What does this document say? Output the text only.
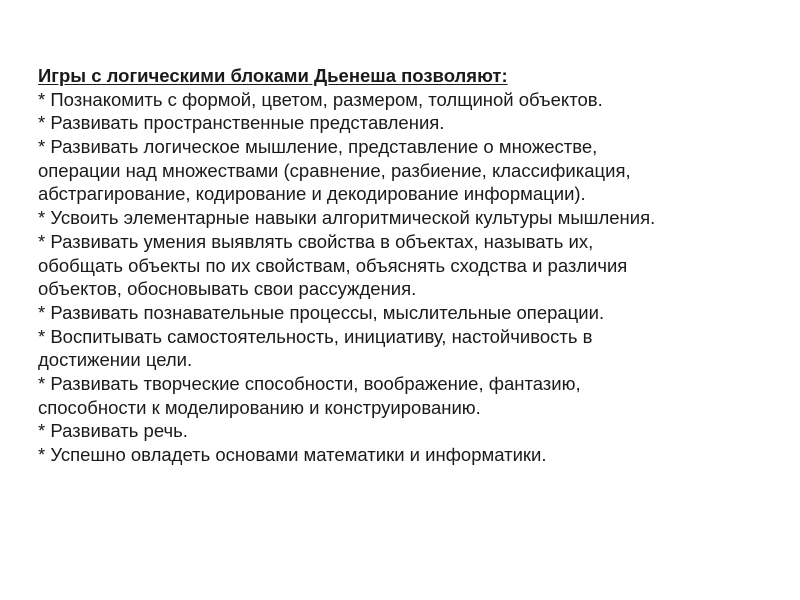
Игры с логическими блоками Дьенеша позволяют:
* Познакомить с формой, цветом, размером, толщиной объектов.
* Развивать пространственные представления.
* Развивать логическое мышление, представление о множестве,
операции над множествами (сравнение, разбиение, классификация,
абстрагирование, кодирование и декодирование информации).
* Усвоить элементарные навыки алгоритмической культуры мышления.
* Развивать умения выявлять свойства в объектах, называть их,
обобщать объекты по их свойствам, объяснять сходства и различия
объектов, обосновывать свои рассуждения.
* Развивать познавательные процессы, мыслительные операции.
* Воспитывать самостоятельность, инициативу, настойчивость в
достижении цели.
* Развивать творческие способности, воображение, фантазию,
способности к моделированию и конструированию.
* Развивать речь.
* Успешно овладеть основами математики и информатики.
